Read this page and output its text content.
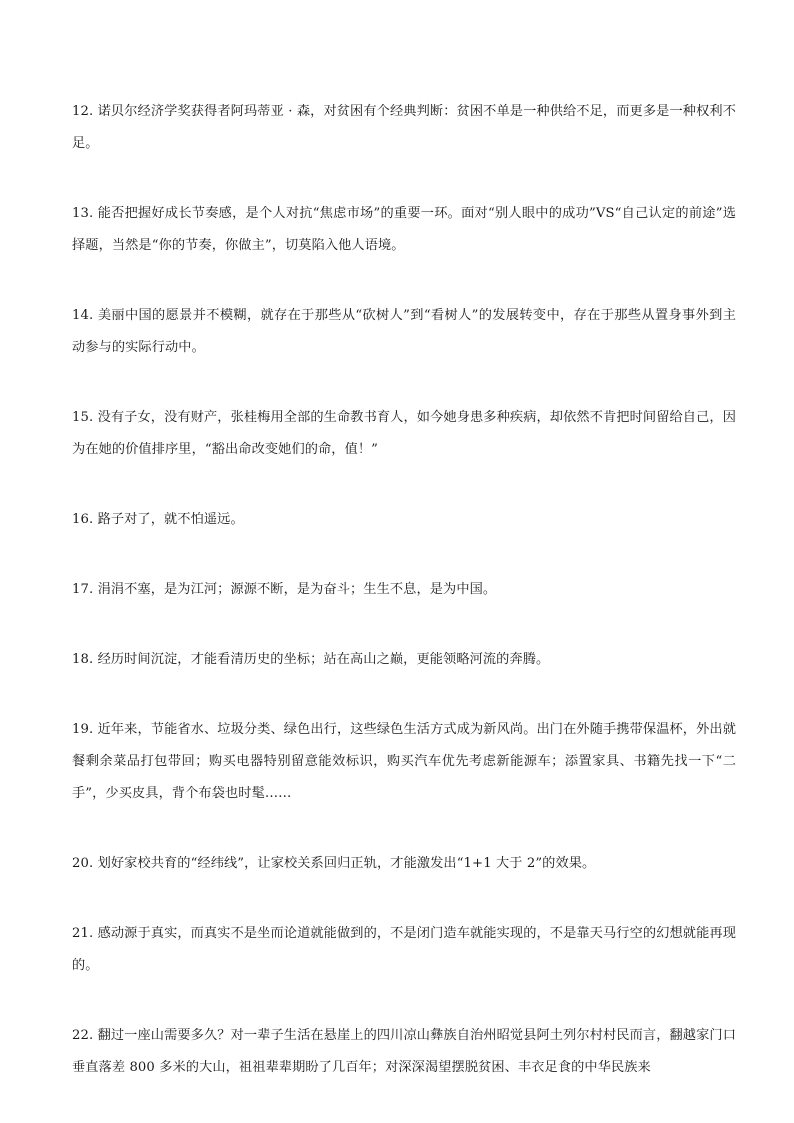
12. 诺贝尔经济学奖获得者阿玛蒂亚 · 森，对贫困有个经典判断：贫困不单是一种供给不足，而更多是一种权利不足。

13. 能否把握好成长节奏感，是个人对抗“焦虑市场”的重要一环。面对“别人眼中的成功”VS“自己认定的前途”选择题，当然是“你的节奏，你做主”，切莫陷入他人语境。

14. 美丽中国的愿景并不模糊，就存在于那些从“砍树人”到“看树人”的发展转变中，存在于那些从置身事外到主动参与的实际行动中。

15. 没有子女，没有财产，张桂梅用全部的生命教书育人，如今她身患多种疾病，却依然不肯把时间留给自己，因为在她的价值排序里，“豁出命改变她们的命，值！”

16. 路子对了，就不怕遥远。

17. 涓涓不塞，是为江河；源源不断，是为奋斗；生生不息，是为中国。

18. 经历时间沉淀，才能看清历史的坐标；站在高山之巅，更能领略河流的奔腾。

19. 近年来，节能省水、垃圾分类、绿色出行，这些绿色生活方式成为新风尚。出门在外随手携带保温杯，外出就餐剩余菜品打包带回；购买电器特别留意能效标识，购买汽车优先考虑新能源车；添置家具、书籍先找一下“二手”，少买皮具，背个布袋也时髦……

20. 划好家校共育的“经纬线”，让家校关系回归正轨，才能激发出“1+1 大于 2”的效果。

21. 感动源于真实，而真实不是坐而论道就能做到的，不是闭门造车就能实现的，不是靠天马行空的幻想就能再现的。

22. 翻过一座山需要多久？对一辈子生活在悬崖上的四川凉山彝族自治州昭觉县阿土列尔村村民而言，翻越家门口垂直落差 800 多米的大山，祖祖辈辈期盼了几百年；对深深渴望摆脱贫困、丰衣足食的中华民族来
